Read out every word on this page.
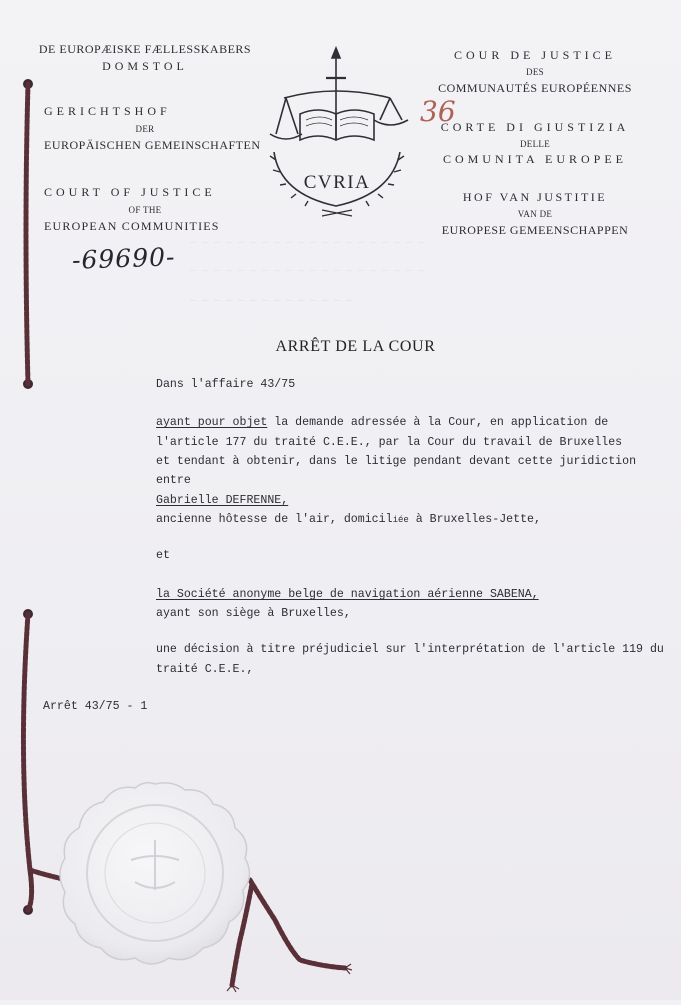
— — — — — — — — — — — — — — — — — — — —
— — — — — — — — — — — — — — — — — — — —
— — — — — — — — — — — — — —
DE EUROPÆISKE FÆLLESSKABERS
DOMSTOL
GERICHTSHOF
DER
EUROPÄISCHEN GEMEINSCHAFTEN
COURT OF JUSTICE
OF THE
EUROPEAN COMMUNITIES
COUR DE JUSTICE
DES
COMMUNAUTÉS EUROPÉENNES
CORTE DI GIUSTIZIA
DELLE
COMUNITA EUROPEE
HOF VAN JUSTITIE
VAN DE
EUROPESE GEMEENSCHAPPEN
CVRIA
-69690-
36
ARRÊT DE LA COUR
Dans l'affaire 43/75
ayant pour objet la demande adressée à la Cour, en application de
l'article 177 du traité C.E.E., par la Cour du travail de Bruxelles
et tendant à obtenir, dans le litige pendant devant cette juridiction
entre
Gabrielle DEFRENNE,
ancienne hôtesse de l'air, domiciliée à Bruxelles-Jette,
et
la Société anonyme belge de navigation aérienne SABENA,
ayant son siège à Bruxelles,
une décision à titre préjudiciel sur l'interprétation de l'article 119 du
traité C.E.E.,
Arrêt 43/75 - 1
